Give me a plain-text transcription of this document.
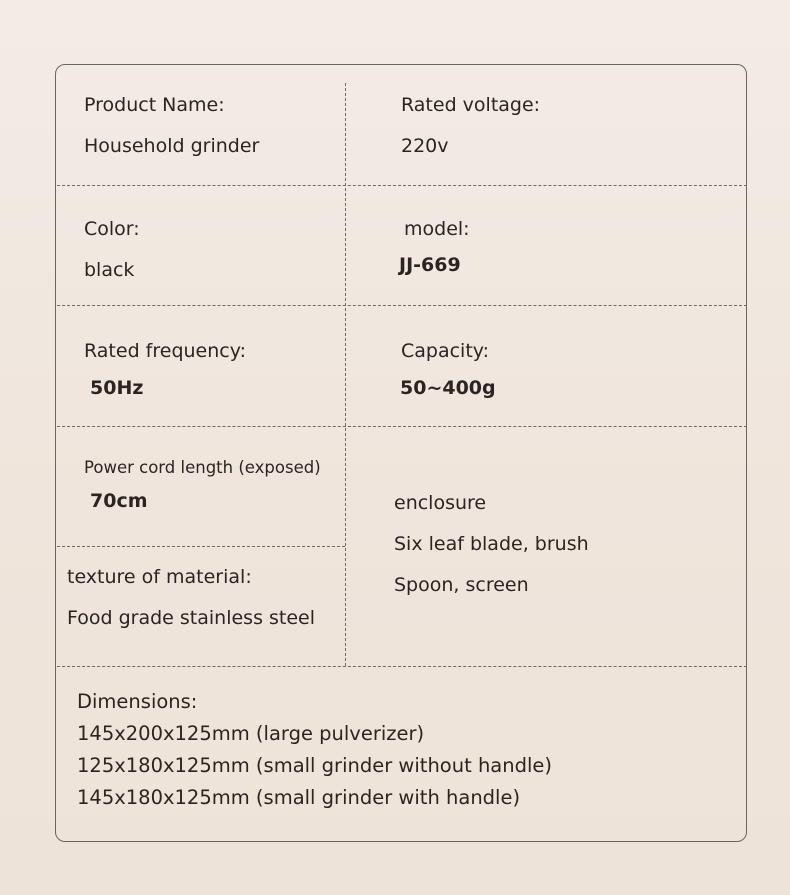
Product Name:
Household grinder
Rated voltage:
220v
Color:
black
model:
JJ-669
Rated frequency:
50Hz
Capacity:
50~400g
Power cord length (exposed)
70cm
texture of material:
Food grade stainless steel
enclosure
Six leaf blade, brush
Spoon, screen
Dimensions:
145x200x125mm (large pulverizer)
125x180x125mm (small grinder without handle)
145x180x125mm (small grinder with handle)
